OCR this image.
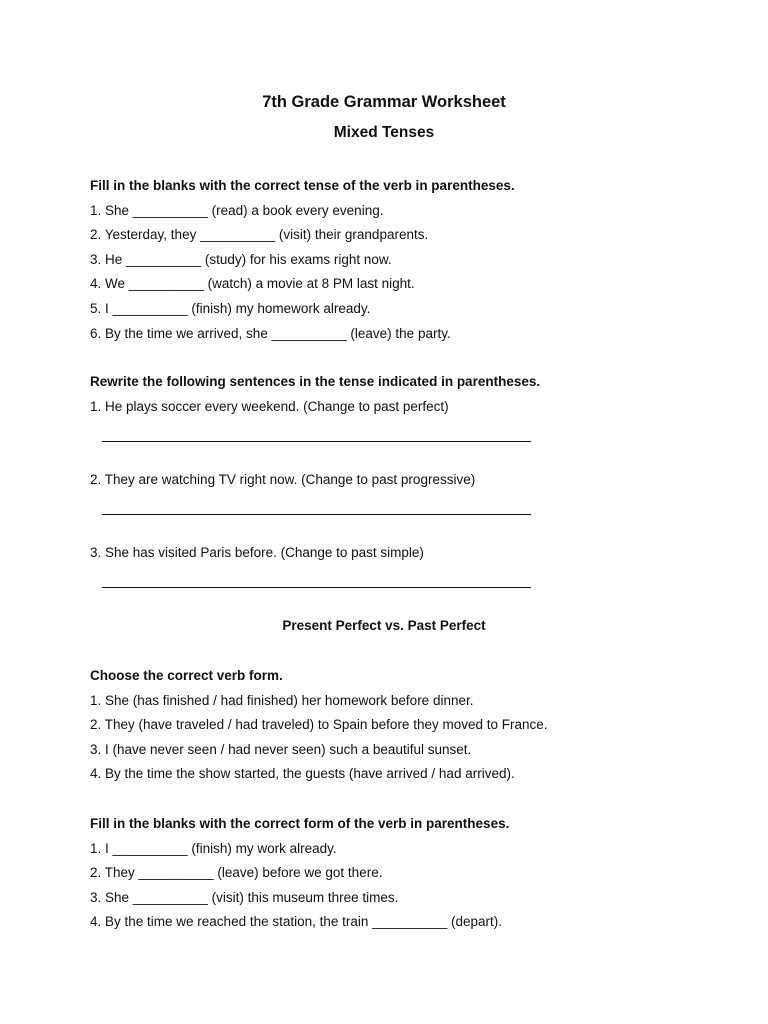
7th Grade Grammar Worksheet
Mixed Tenses
Fill in the blanks with the correct tense of the verb in parentheses.
1. She __________ (read) a book every evening.
2. Yesterday, they __________ (visit) their grandparents.
3. He __________ (study) for his exams right now.
4. We __________ (watch) a movie at 8 PM last night.
5. I __________ (finish) my homework already.
6. By the time we arrived, she __________ (leave) the party.
Rewrite the following sentences in the tense indicated in parentheses.
1. He plays soccer every weekend. (Change to past perfect)
2. They are watching TV right now. (Change to past progressive)
3. She has visited Paris before. (Change to past simple)
Present Perfect vs. Past Perfect
Choose the correct verb form.
1. She (has finished / had finished) her homework before dinner.
2. They (have traveled / had traveled) to Spain before they moved to France.
3. I (have never seen / had never seen) such a beautiful sunset.
4. By the time the show started, the guests (have arrived / had arrived).
Fill in the blanks with the correct form of the verb in parentheses.
1. I __________ (finish) my work already.
2. They __________ (leave) before we got there.
3. She __________ (visit) this museum three times.
4. By the time we reached the station, the train __________ (depart).
